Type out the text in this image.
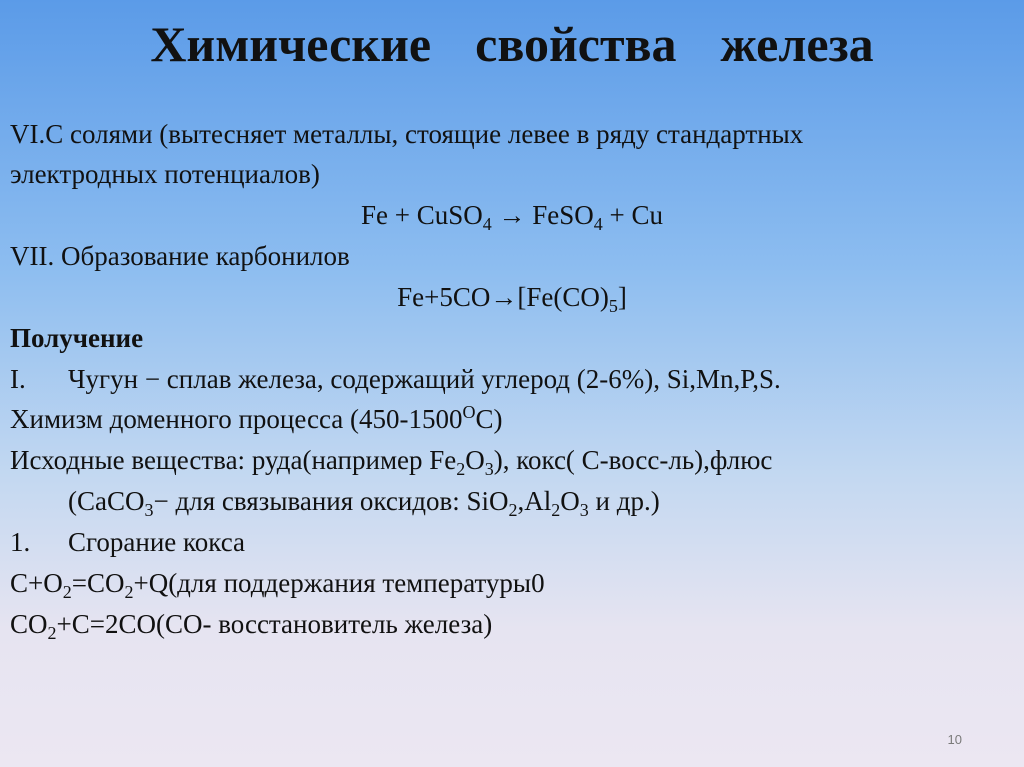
Химические свойства железа
VI.С солями (вытесняет металлы, стоящие левее в ряду стандартных
электродных потенциалов)
Fe + CuSO$_4$ → FeSO$_4$ + Cu
VII. Образование карбонилов
$Fe+5CO\to[Fe(CO)_5]$
Получение
I. Чугун − сплав железа, содержащий углерод (2-6%), Si,Mn,P,S.
Химизм доменного процесса $(450-1500^OC)$
Исходные вещества: руда(например $Fe_2O_3$), кокс( С-восс-ль),флюс
(CaCO$_3$− для связывания оксидов: $SiO_2,Al_2O_3$ и др.)
1. Сгорание кокса
$C+O_2=CO_2+Q(для$ поддержания температуры0
$CO_2+C=2CO(CO-$ восстановитель железа)
10
